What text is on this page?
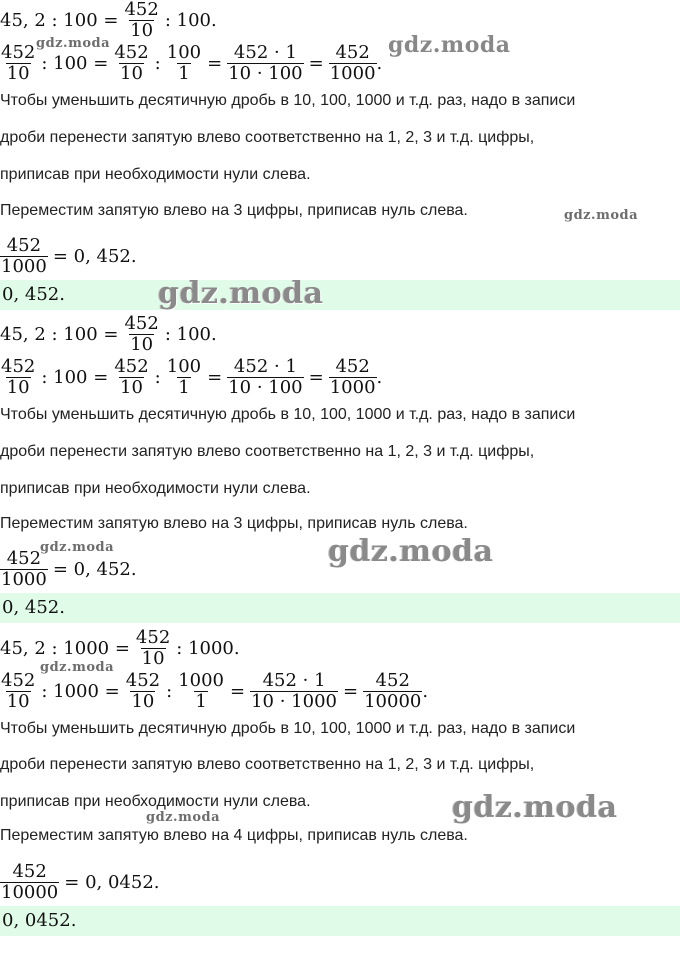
45, 2 : $100 = \frac{452}{10}$ : 100.
$\frac{452}{10}$ : $100 = \frac{452}{10}$ : $\frac{100}{1} = \frac{452 \cdot 1}{10 \cdot 100} = \frac{452}{1000}$ .
Чтобы уменьшить десятичную дробь в 10, 100, 1000 и т.д. раз, надо в записи
дроби перенести запятую влево соответственно на 1, 2, 3 и т.д. цифры,
приписав при необходимости нули слева.
Переместим запятую влево на 3 цифры, приписав нуль слева.
$\frac{452}{1000} = 0$, 452.
0, 452.
45, 2 : $100 = \frac{452}{10}$ : 100.
$\frac{452}{10}$ : $100 = \frac{452}{10}$ : $\frac{100}{1} = \frac{452 \cdot 1}{10 \cdot 100} = \frac{452}{1000}$ .
Чтобы уменьшить десятичную дробь в 10, 100, 1000 и т.д. раз, надо в записи
дроби перенести запятую влево соответственно на 1, 2, 3 и т.д. цифры,
приписав при необходимости нули слева.
Переместим запятую влево на 3 цифры, приписав нуль слева.
$\frac{452}{1000} = 0$, 452.
0, 452.
45, 2 : $1000 = \frac{452}{10}$ : 1000.
$\frac{452}{10}$ : $1000 = \frac{452}{10}$ : $\frac{1000}{1} = \frac{452 \cdot 1}{10 \cdot 1000} = \frac{452}{10000}$ .
Чтобы уменьшить десятичную дробь в 10, 100, 1000 и т.д. раз, надо в записи
дроби перенести запятую влево соответственно на 1, 2, 3 и т.д. цифры,
приписав при необходимости нули слева.
Переместим запятую влево на 4 цифры, приписав нуль слева.
$\frac{452}{10000} = 0$, 0452.
0, 0452.
gdz.moda	gdz.moda
gdz.moda
gdz.moda
gdz.moda	gdz.moda
gdz.moda
gdz.moda
gdz.moda
